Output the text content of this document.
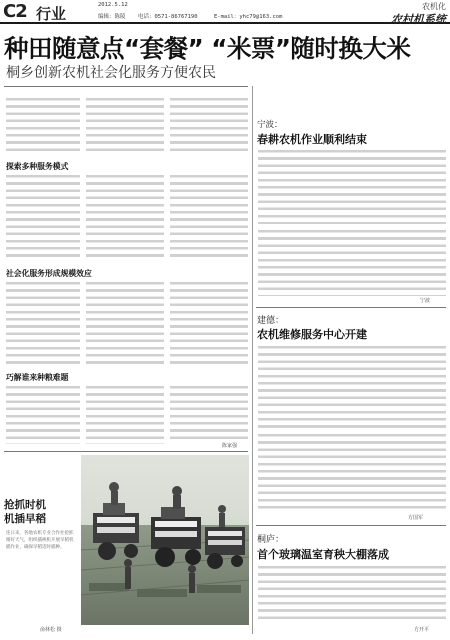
C2 行业	2012.5.12
编辑：陈陵 电话：0571-86767190	E-mail：yhc79@163.com
农机化
农村机系统
种田随意点“套餐” “米票”随时换大米
桐乡创新农机社会化服务方便农民
探索多种服务模式
社会化服务形成规模效应
巧解谁来种粮难题
陈家强
抢抓时机
机插早稻
连日来，各地农机专业合作社抢抓晴好天气，组织插秧机开展早稻机插作业，确保早稻适时插种。
俞林松 摄
宁波：
春耕农机作业顺利结束
宁波
建德：
农机维修服务中心开建
方国军
桐庐：
首个玻璃温室育秧大棚落成
方开平
